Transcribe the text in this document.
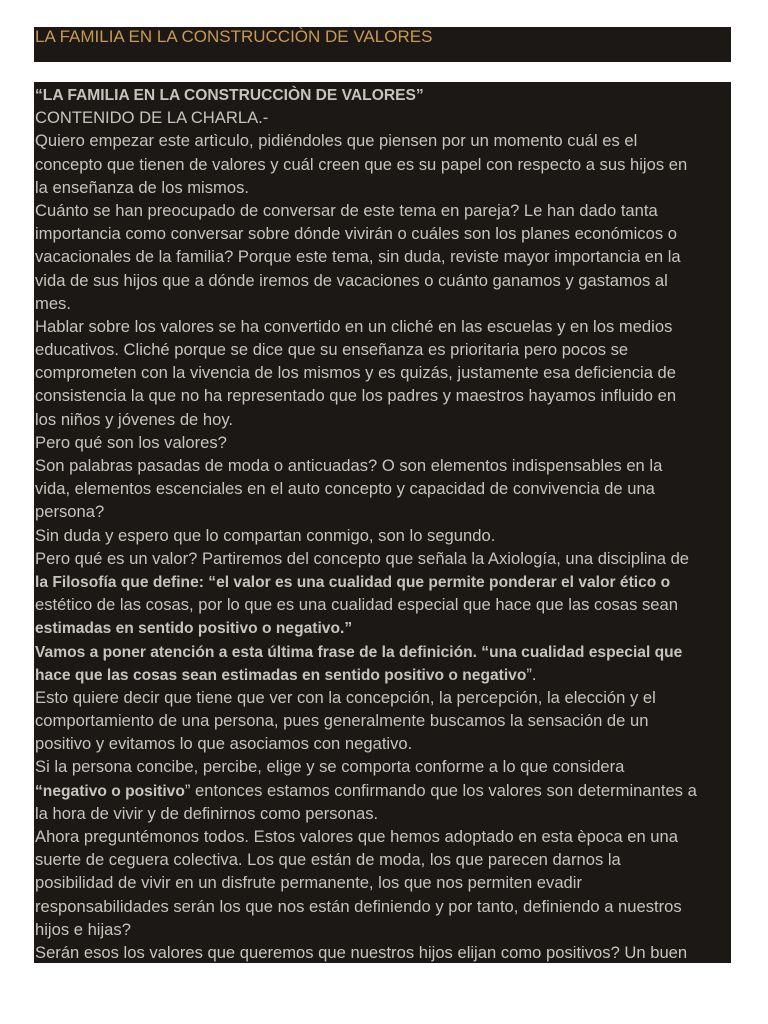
LA FAMILIA EN LA CONSTRUCCIÒN DE VALORES
“LA FAMILIA EN LA CONSTRUCCIÒN DE VALORES”
CONTENIDO DE LA CHARLA.-
Quiero empezar este artìculo, pidiéndoles que piensen por un momento cuál es el
concepto que tienen de valores y cuál creen que es su papel con respecto a sus hijos en
la enseñanza de los mismos.
Cuánto se han preocupado de conversar de este tema en pareja? Le han dado tanta
importancia como conversar sobre dónde vivirán o cuáles son los planes económicos o
vacacionales de la familia? Porque este tema, sin duda, reviste mayor importancia en la
vida de sus hijos que a dónde iremos de vacaciones o cuánto ganamos y gastamos al
mes.
Hablar sobre los valores se ha convertido en un cliché en las escuelas y en los medios
educativos. Cliché porque se dice que su enseñanza es prioritaria pero pocos se
comprometen con la vivencia de los mismos y es quizás, justamente esa deficiencia de
consistencia la que no ha representado que los padres y maestros hayamos influido en
los niños y jóvenes de hoy.
Pero qué son los valores?
Son palabras pasadas de moda o anticuadas? O son elementos indispensables en la
vida, elementos escenciales en el auto concepto y capacidad de convivencia de una
persona?
Sin duda y espero que lo compartan conmigo, son lo segundo.
Pero qué es un valor? Partiremos del concepto que señala la Axiología, una disciplina de
la Filosofía que define: “el valor es una cualidad que permite ponderar el valor ético o
estético de las cosas, por lo que es una cualidad especial que hace que las cosas sean
estimadas en sentido positivo o negativo.”
Vamos a poner atención a esta última frase de la definición. “una cualidad especial que
hace que las cosas sean estimadas en sentido positivo o negativo”.
Esto quiere decir que tiene que ver con la concepción, la percepción, la elección y el
comportamiento de una persona, pues generalmente buscamos la sensación de un
positivo y evitamos lo que asociamos con negativo.
Si la persona concibe, percibe, elige y se comporta conforme a lo que considera
“negativo o positivo” entonces estamos confirmando que los valores son determinantes a
la hora de vivir y de definirnos como personas.
Ahora preguntémonos todos. Estos valores que hemos adoptado en esta època en una
suerte de ceguera colectiva. Los que están de moda, los que parecen darnos la
posibilidad de vivir en un disfrute permanente, los que nos permiten evadir
responsabilidades serán los que nos están definiendo y por tanto, definiendo a nuestros
hijos e hijas?
Serán esos los valores que queremos que nuestros hijos elijan como positivos? Un buen
